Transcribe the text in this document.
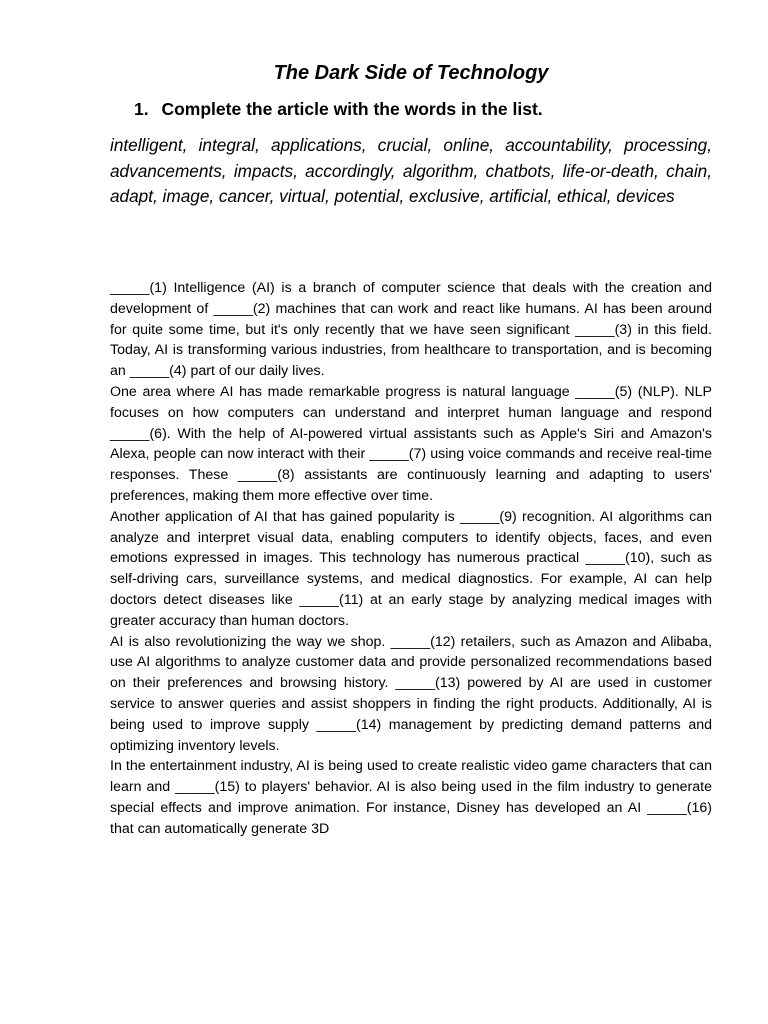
The Dark Side of Technology

1. Complete the article with the words in the list.

intelligent, integral, applications, crucial, online, accountability, processing, advancements, impacts, accordingly, algorithm, chatbots, life-or-death, chain, adapt, image, cancer, virtual, potential, exclusive, artificial, ethical, devices

_____(1) Intelligence (AI) is a branch of computer science that deals with the creation and development of _____(2) machines that can work and react like humans. AI has been around for quite some time, but it's only recently that we have seen significant _____(3) in this field. Today, AI is transforming various industries, from healthcare to transportation, and is becoming an _____(4) part of our daily lives.

One area where AI has made remarkable progress is natural language _____(5) (NLP). NLP focuses on how computers can understand and interpret human language and respond _____(6). With the help of AI-powered virtual assistants such as Apple's Siri and Amazon's Alexa, people can now interact with their _____(7) using voice commands and receive real-time responses. These _____(8) assistants are continuously learning and adapting to users' preferences, making them more effective over time.

Another application of AI that has gained popularity is _____(9) recognition. AI algorithms can analyze and interpret visual data, enabling computers to identify objects, faces, and even emotions expressed in images. This technology has numerous practical _____(10), such as self-driving cars, surveillance systems, and medical diagnostics. For example, AI can help doctors detect diseases like _____(11) at an early stage by analyzing medical images with greater accuracy than human doctors.

AI is also revolutionizing the way we shop. _____(12) retailers, such as Amazon and Alibaba, use AI algorithms to analyze customer data and provide personalized recommendations based on their preferences and browsing history. _____(13) powered by AI are used in customer service to answer queries and assist shoppers in finding the right products. Additionally, AI is being used to improve supply _____(14) management by predicting demand patterns and optimizing inventory levels.

In the entertainment industry, AI is being used to create realistic video game characters that can learn and _____(15) to players' behavior. AI is also being used in the film industry to generate special effects and improve animation. For instance, Disney has developed an AI _____(16) that can automatically generate 3D
